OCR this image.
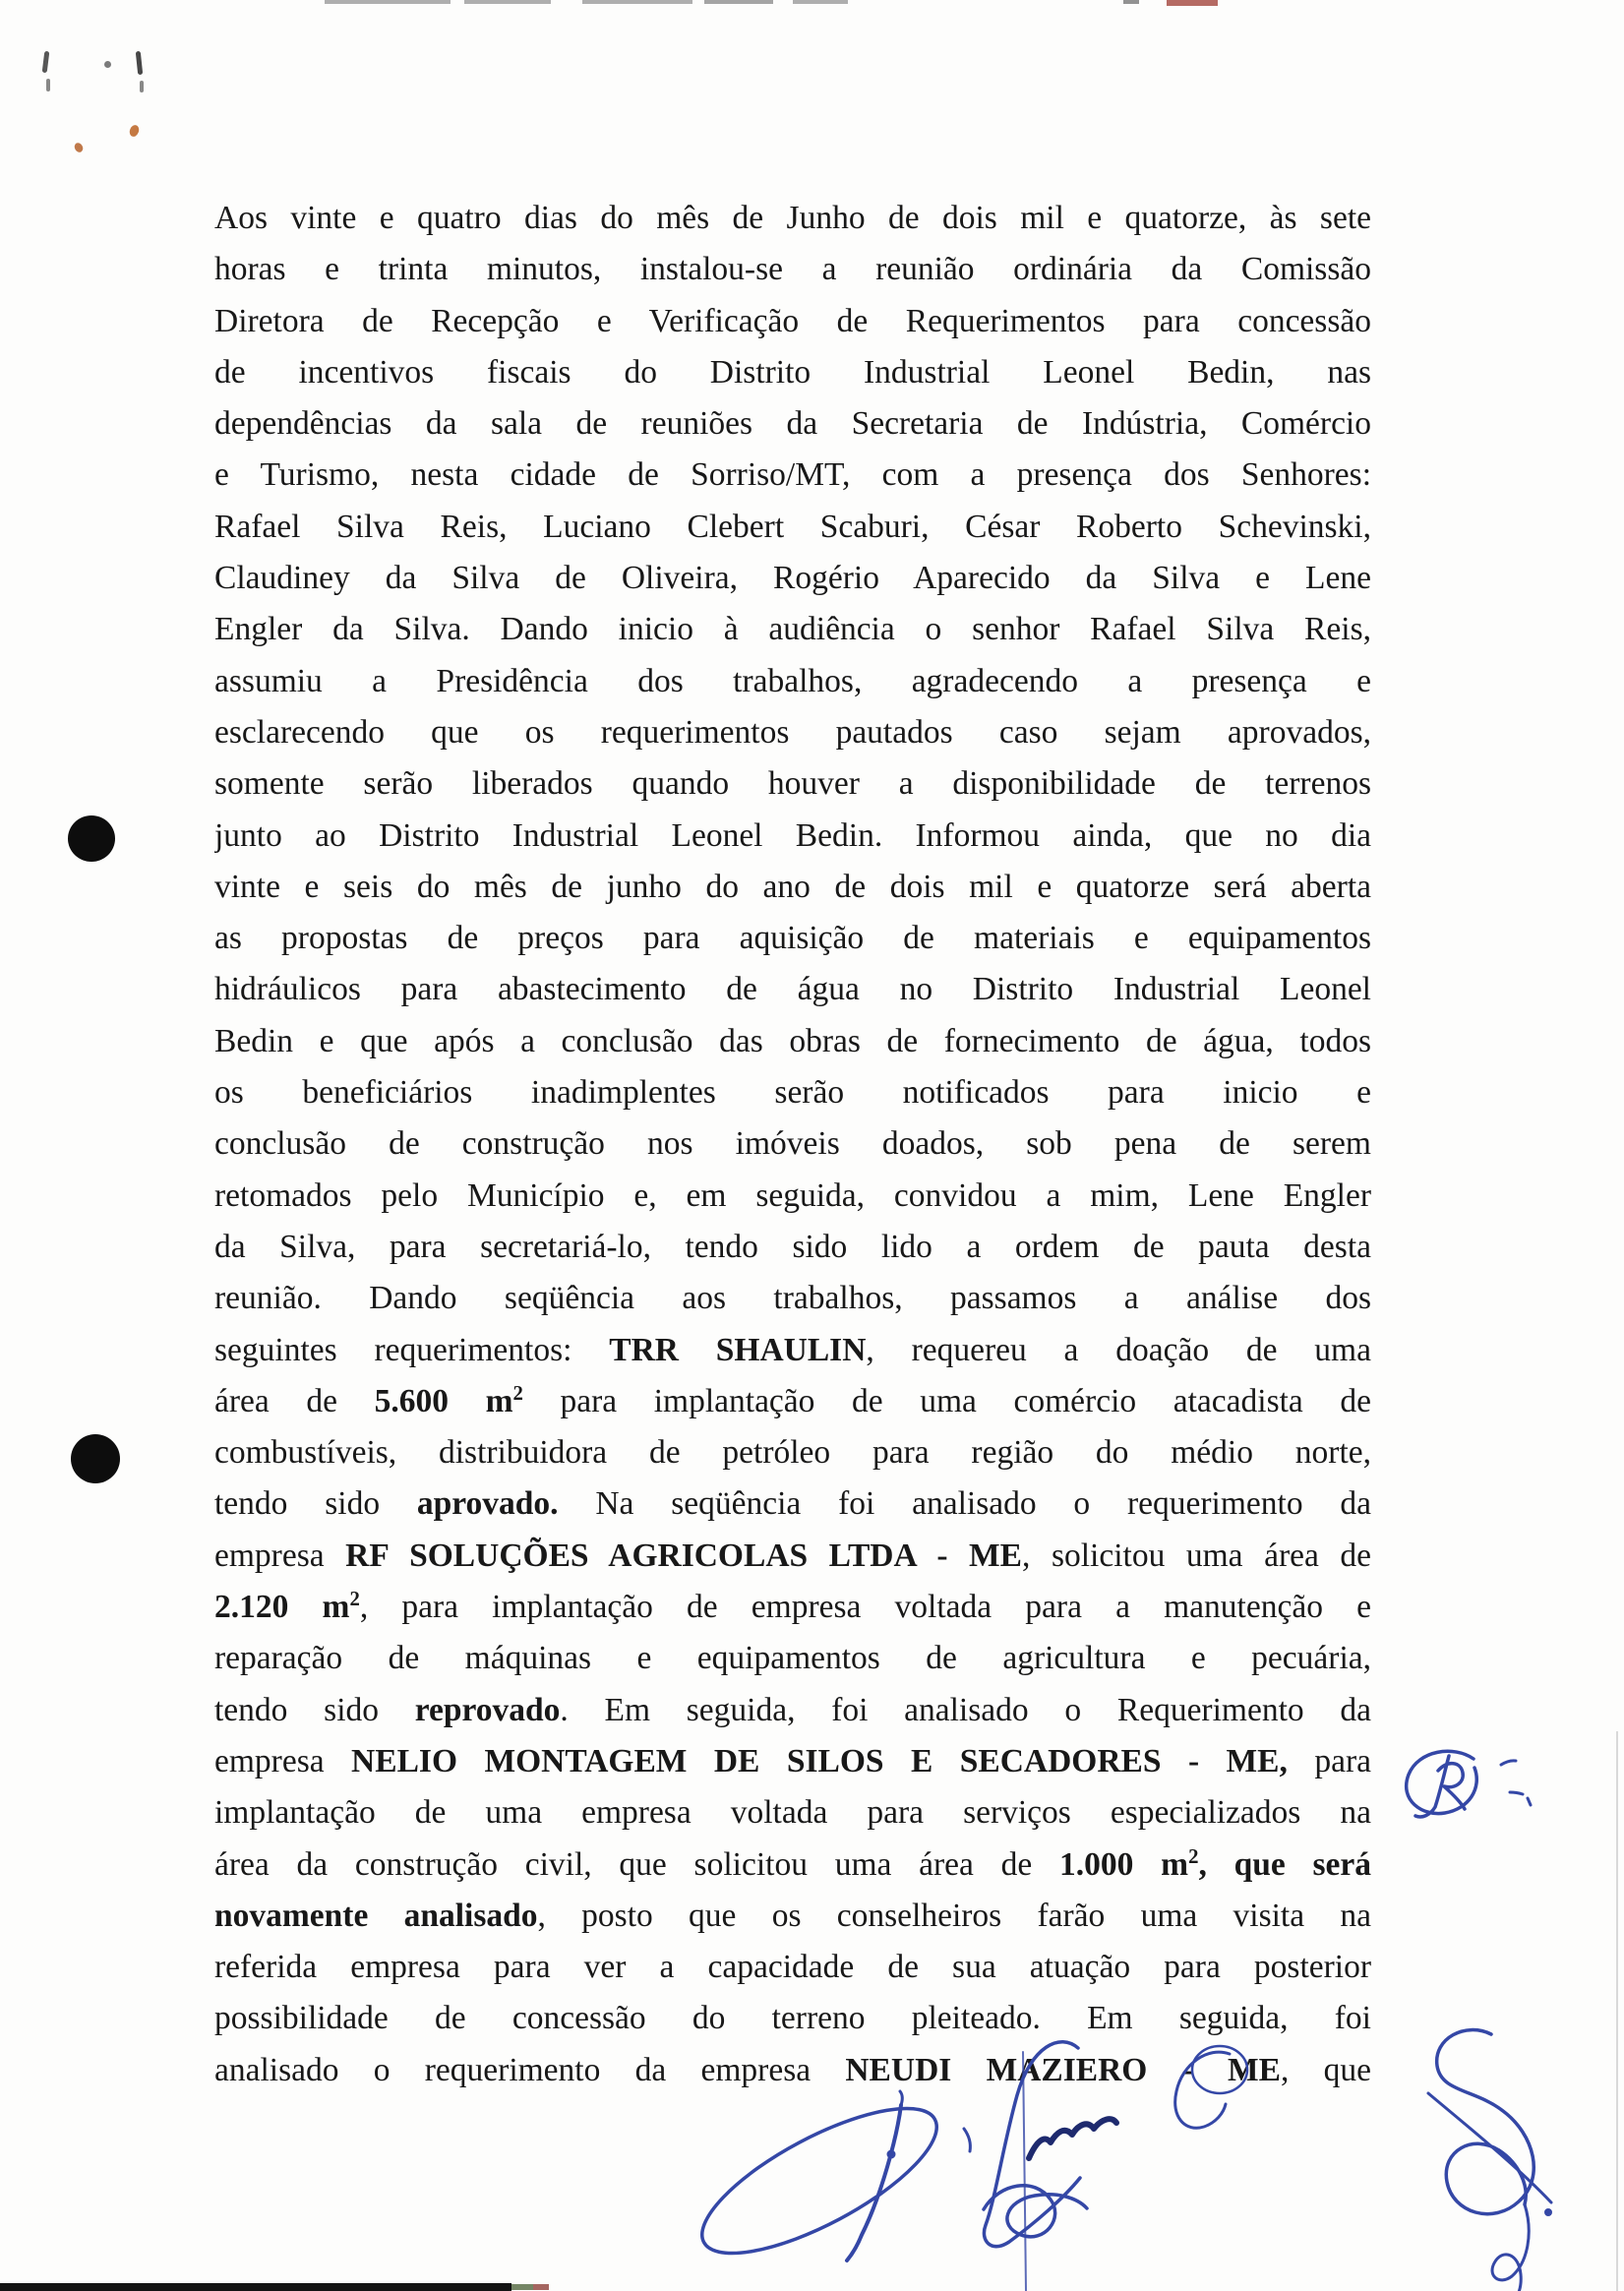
Aos vinte e quatro dias do mês de Junho de dois mil e quatorze, às sete
horas e trinta minutos, instalou-se a reunião ordinária da Comissão
Diretora de Recepção e Verificação de Requerimentos para concessão
de incentivos fiscais do Distrito Industrial Leonel Bedin, nas
dependências da sala de reuniões da Secretaria de Indústria, Comércio
e Turismo, nesta cidade de Sorriso/MT, com a presença dos Senhores:
Rafael Silva Reis, Luciano Clebert Scaburi, César Roberto Schevinski,
Claudiney da Silva de Oliveira, Rogério Aparecido da Silva e Lene
Engler da Silva. Dando inicio à audiência o senhor Rafael Silva Reis,
assumiu a Presidência dos trabalhos, agradecendo a presença e
esclarecendo que os requerimentos pautados caso sejam aprovados,
somente serão liberados quando houver a disponibilidade de terrenos
junto ao Distrito Industrial Leonel Bedin. Informou ainda, que no dia
vinte e seis do mês de junho do ano de dois mil e quatorze será aberta
as propostas de preços para aquisição de materiais e equipamentos
hidráulicos para abastecimento de água no Distrito Industrial Leonel
Bedin e que após a conclusão das obras de fornecimento de água, todos
os beneficiários inadimplentes serão notificados para inicio e
conclusão de construção nos imóveis doados, sob pena de serem
retomados pelo Município e, em seguida, convidou a mim, Lene Engler
da Silva, para secretariá-lo, tendo sido lido a ordem de pauta desta
reunião. Dando seqüência aos trabalhos, passamos a análise dos
seguintes requerimentos: TRR SHAULIN, requereu a doação de uma
área de 5.600 $m^2$ para implantação de uma comércio atacadista de
combustíveis, distribuidora de petróleo para região do médio norte,
tendo sido aprovado. Na seqüência foi analisado o requerimento da
empresa RF SOLUÇÕES AGRICOLAS LTDA - ME, solicitou uma área de
2.120 $m^2$, para implantação de empresa voltada para a manutenção e
reparação de máquinas e equipamentos de agricultura e pecuária,
tendo sido reprovado. Em seguida, foi analisado o Requerimento da
empresa NELIO MONTAGEM DE SILOS E SECADORES - ME, para
implantação de uma empresa voltada para serviços especializados na
área da construção civil, que solicitou uma área de 1.000 $m^2$, que será
novamente analisado, posto que os conselheiros farão uma visita na
referida empresa para ver a capacidade de sua atuação para posterior
possibilidade de concessão do terreno pleiteado. Em seguida, foi
analisado o requerimento da empresa NEUDI MAZIERO - ME, que
